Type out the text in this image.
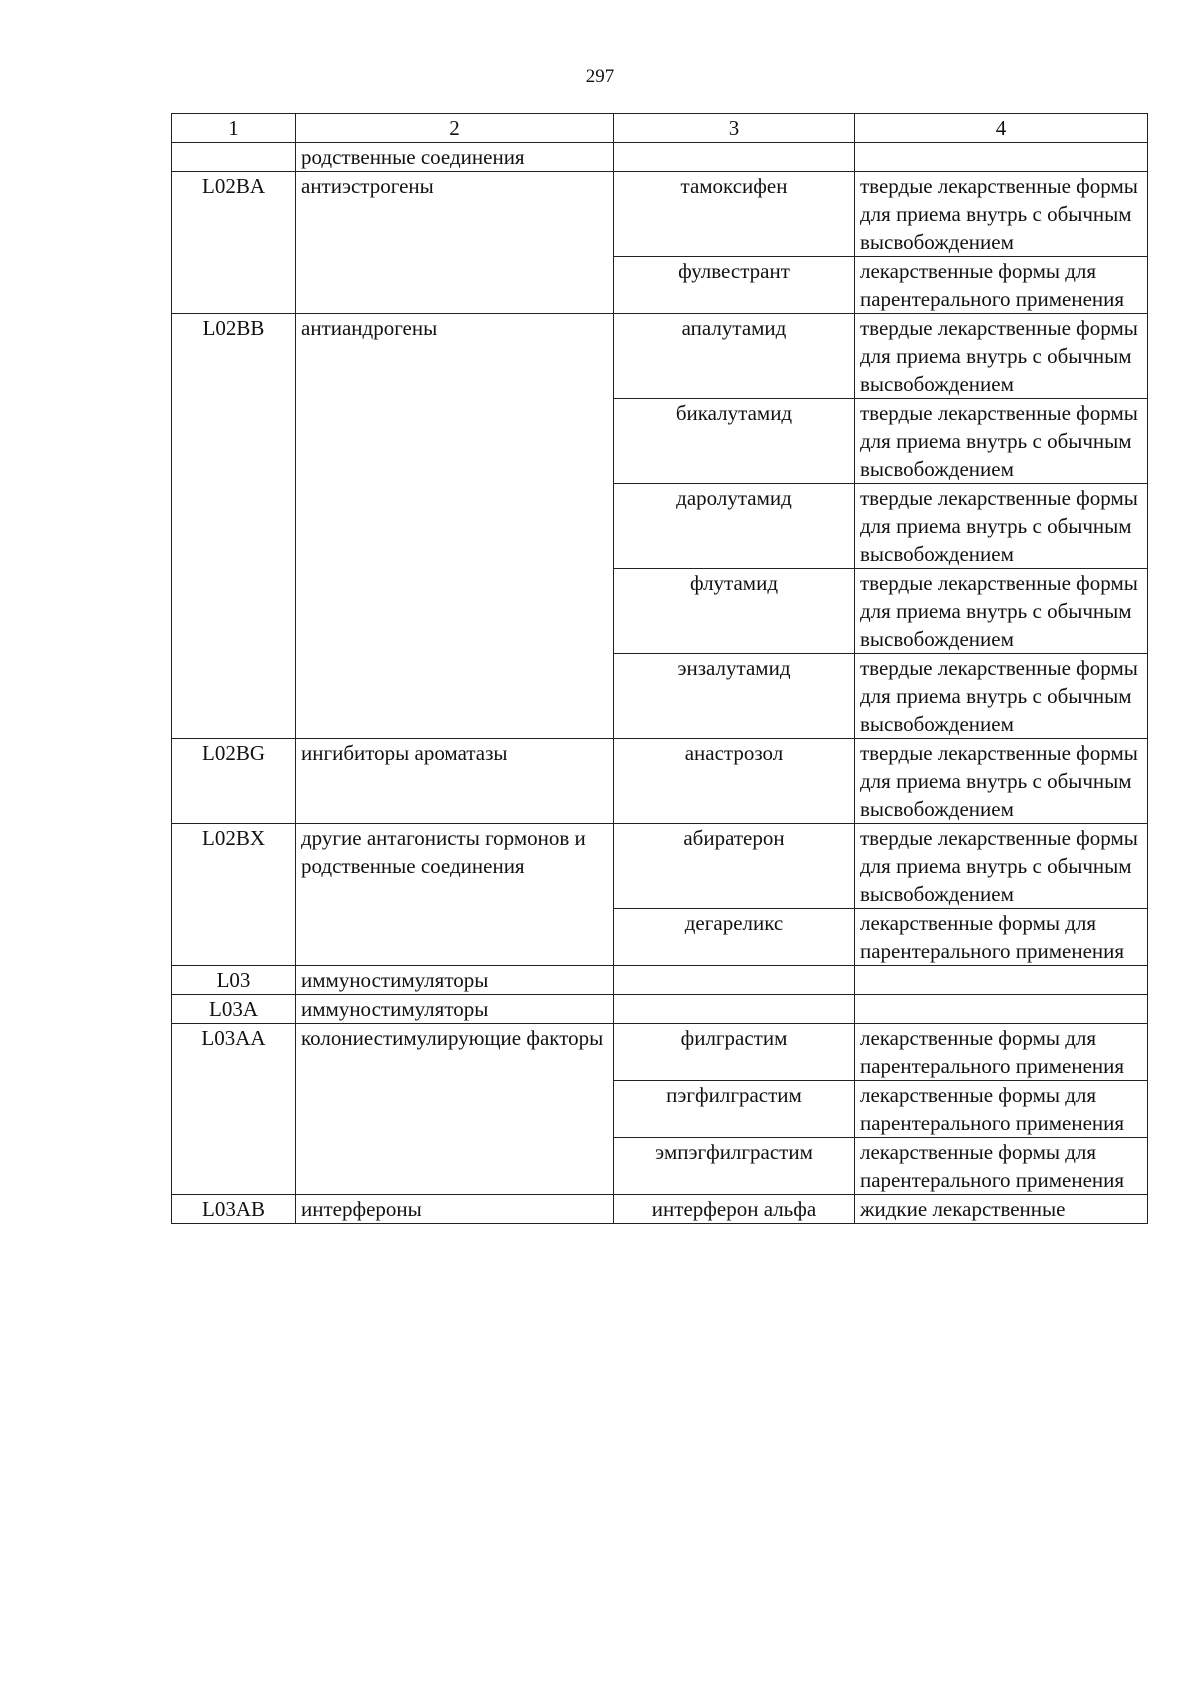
297
1	2	3	4
	родственные соединения		
L02BA	антиэстрогены	тамоксифен	твердые лекарственные формы для приема внутрь с обычным высвобождением
		фулвестрант	лекарственные формы для парентерального применения
L02BB	антиандрогены	апалутамид	твердые лекарственные формы для приема внутрь с обычным высвобождением
		бикалутамид	твердые лекарственные формы для приема внутрь с обычным высвобождением
		даролутамид	твердые лекарственные формы для приема внутрь с обычным высвобождением
		флутамид	твердые лекарственные формы для приема внутрь с обычным высвобождением
		энзалутамид	твердые лекарственные формы для приема внутрь с обычным высвобождением
L02BG	ингибиторы ароматазы	анастрозол	твердые лекарственные формы для приема внутрь с обычным высвобождением
L02BX	другие антагонисты гормонов и родственные соединения	абиратерон	твердые лекарственные формы для приема внутрь с обычным высвобождением
		дегареликс	лекарственные формы для парентерального применения
L03	иммуностимуляторы		
L03A	иммуностимуляторы		
L03AA	колониестимулирующие факторы	филграстим	лекарственные формы для парентерального применения
		пэгфилграстим	лекарственные формы для парентерального применения
		эмпэгфилграстим	лекарственные формы для парентерального применения
L03AB	интерфероны	интерферон альфа	жидкие лекарственные
